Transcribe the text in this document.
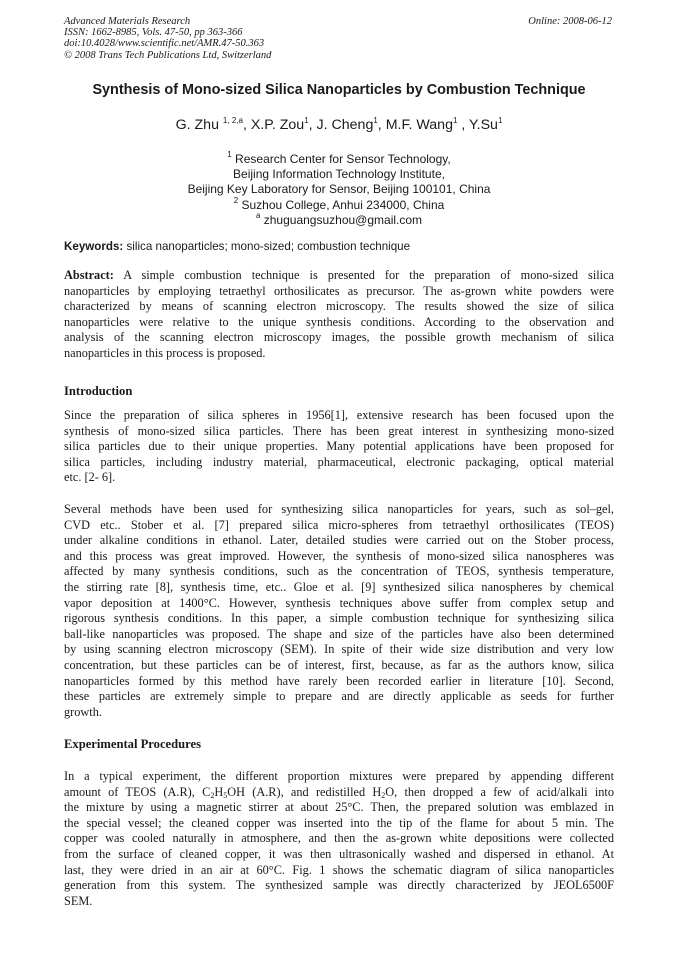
Advanced Materials Research
ISSN: 1662-8985, Vols. 47-50, pp 363-366
doi:10.4028/www.scientific.net/AMR.47-50.363
© 2008 Trans Tech Publications Ltd, Switzerland
Online: 2008-06-12
Synthesis of Mono-sized Silica Nanoparticles by Combustion Technique
G. Zhu $^{1, 2,a}$, X.P. Zou$^1$, J. Cheng$^1$, M.F. Wang$^1$ , Y.Su$^1$
$^1$ Research Center for Sensor Technology,
Beijing Information Technology Institute,
Beijing Key Laboratory for Sensor, Beijing 100101, China
$^2$ Suzhou College, Anhui 234000, China
$^a$ zhuguangsuzhou@gmail.com
Keywords: silica nanoparticles; mono-sized; combustion technique
Abstract: A simple combustion technique is presented for the preparation of mono-sized silica
nanoparticles by employing tetraethyl orthosilicates as precursor. The as-grown white powders were
characterized by means of scanning electron microscopy. The results showed the size of silica
nanoparticles were relative to the unique synthesis conditions. According to the observation and
analysis of the scanning electron microscopy images, the possible growth mechanism of silica
nanoparticles in this process is proposed.
Introduction
Since the preparation of silica spheres in 1956[1], extensive research has been focused upon the
synthesis of mono-sized silica particles. There has been great interest in synthesizing mono-sized
silica particles due to their unique properties. Many potential applications have been proposed for
silica particles, including industry material, pharmaceutical, electronic packaging, optical material
etc. [2- 6].
Several methods have been used for synthesizing silica nanoparticles for years, such as sol–gel,
CVD etc.. Stober et al. [7] prepared silica micro-spheres from tetraethyl orthosilicates (TEOS)
under alkaline conditions in ethanol. Later, detailed studies were carried out on the Stober process,
and this process was great improved. However, the synthesis of mono-sized silica nanospheres was
affected by many synthesis conditions, such as the concentration of TEOS, synthesis temperature,
the stirring rate [8], synthesis time, etc.. Gloe et al. [9] synthesized silica nanospheres by chemical
vapor deposition at 1400°C. However, synthesis techniques above suffer from complex setup and
rigorous synthesis conditions. In this paper, a simple combustion technique for synthesizing silica
ball-like nanoparticles was proposed. The shape and size of the particles have also been determined
by using scanning electron microscopy (SEM). In spite of their wide size distribution and very low
concentration, but these particles can be of interest, first, because, as far as the authors know, silica
nanoparticles formed by this method have rarely been recorded earlier in literature [10]. Second,
these particles are extremely simple to prepare and are directly applicable as seeds for further
growth.
Experimental Procedures
In a typical experiment, the different proportion mixtures were prepared by appending different
amount of TEOS (A.R), $C_2H_5OH$ (A.R), and redistilled $H_2O$, then dropped a few of acid/alkali into
the mixture by using a magnetic stirrer at about 25°C. Then, the prepared solution was emblazed in
the special vessel; the cleaned copper was inserted into the tip of the flame for about 5 min. The
copper was cooled naturally in atmosphere, and then the as-grown white depositions were collected
from the surface of cleaned copper, it was then ultrasonically washed and dispersed in ethanol. At
last, they were dried in an air at 60°C. Fig. 1 shows the schematic diagram of silica nanoparticles
generation from this system. The synthesized sample was directly characterized by JEOL6500F
SEM.
